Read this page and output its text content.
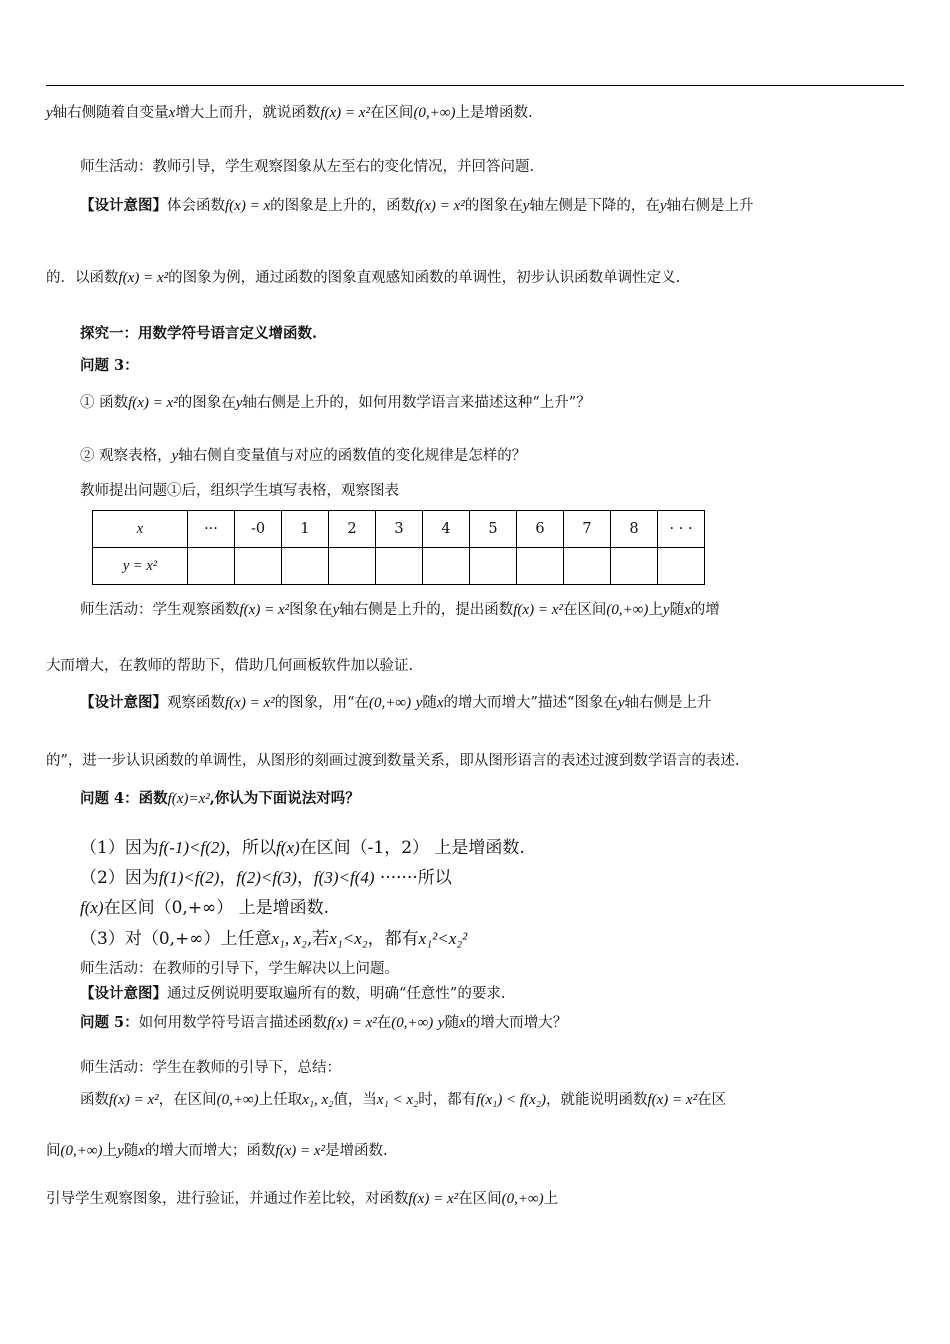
y轴右侧随着自变量x增大上而升，就说函数f(x) = x²在区间(0,+∞)上是增函数.
师生活动：教师引导，学生观察图象从左至右的变化情况，并回答问题.
【设计意图】体会函数f(x) = x的图象是上升的，函数f(x) = x²的图象在y轴左侧是下降的，在y轴右侧是上升
的．以函数f(x) = x²的图象为例，通过函数的图象直观感知函数的单调性，初步认识函数单调性定义.
探究一：用数学符号语言定义增函数.
问题 3：
① 函数f(x) = x²的图象在y轴右侧是上升的，如何用数学语言来描述这种“上升”？
② 观察表格，y轴右侧自变量值与对应的函数值的变化规律是怎样的？
教师提出问题①后，组织学生填写表格，观察图表
x	···	-0	1	2	3	4	5	6	7	8	· · ·
y = x²											
师生活动：学生观察函数f(x) = x²图象在y轴右侧是上升的，提出函数f(x) = x²在区间(0,+∞)上y随x的增
大而增大，在教师的帮助下，借助几何画板软件加以验证.
【设计意图】观察函数f(x) = x²的图象，用“在(0,+∞) y随x的增大而增大”描述“图象在y轴右侧是上升
的”，进一步认识函数的单调性，从图形的刻画过渡到数量关系，即从图形语言的表述过渡到数学语言的表述.
问题 4：函数f(x)=x²,你认为下面说法对吗？
（1）因为f(-1)<f(2)，所以f(x)在区间（-1，2） 上是增函数.
（2）因为f(1)<f(2)，f(2)<f(3)，f(3)<f(4) ·······所以
f(x)在区间（0,+∞） 上是增函数.
（3）对（0,+∞）上任意x₁, x₂,若x₁<x₂，都有x₁²<x₂²
师生活动：在教师的引导下，学生解决以上问题。
【设计意图】通过反例说明要取遍所有的数，明确“任意性”的要求.
问题 5：如何用数学符号语言描述函数f(x) = x²在(0,+∞) y随x的增大而增大？
师生活动：学生在教师的引导下，总结：
函数f(x) = x²，在区间(0,+∞)上任取x₁, x₂值，当x₁ < x₂时，都有f(x₁) < f(x₂)，就能说明函数f(x) = x²在区
间(0,+∞)上y随x的增大而增大；函数f(x) = x²是增函数.
引导学生观察图象，进行验证，并通过作差比较，对函数f(x) = x²在区间(0,+∞)上
